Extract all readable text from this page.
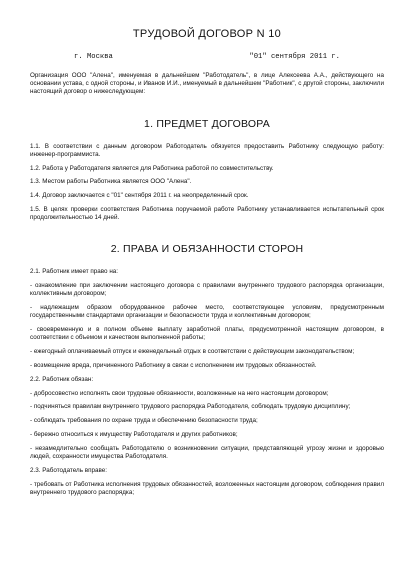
ТРУДОВОЙ ДОГОВОР N 10
г. Москва	"01" сентября 2011 г.

Организация ООО "Алена", именуемая в дальнейшем "Работодатель", в лице Алексеева А.А., действующего на основании устава, с одной стороны, и Иванов И.И., именуемый в дальнейшем "Работник", с другой стороны, заключили настоящий договор о нижеследующем:

1. ПРЕДМЕТ ДОГОВОРА

1.1. В соответствии с данным договором Работодатель обязуется предоставить Работнику следующую работу: инженер-программиста.

1.2. Работа у Работодателя является для Работника работой по совместительству.

1.3. Местом работы Работника является ООО "Алена".

1.4. Договор заключается с "01" сентября 2011 г. на неопределенный срок.

1.5. В целях проверки соответствия Работника поручаемой работе Работнику устанавливается испытательный срок продолжительностью 14 дней.

2. ПРАВА И ОБЯЗАННОСТИ СТОРОН

2.1. Работник имеет право на:

- ознакомление при заключении настоящего договора с правилами внутреннего трудового распорядка организации, коллективным договором;

- надлежащим образом оборудованное рабочее место, соответствующее условиям, предусмотренным государственными стандартами организации и безопасности труда и коллективным договором;

- своевременную и в полном объеме выплату заработной платы, предусмотренной настоящим договором, в соответствии с объемом и качеством выполненной работы;

- ежегодный оплачиваемый отпуск и еженедельный отдых в соответствии с действующим законодательством;

- возмещение вреда, причиненного Работнику в связи с исполнением им трудовых обязанностей.

2.2. Работник обязан:

- добросовестно исполнять свои трудовые обязанности, возложенные на него настоящим договором;

- подчиняться правилам внутреннего трудового распорядка Работодателя, соблюдать трудовую дисциплину;

- соблюдать требования по охране труда и обеспечению безопасности труда;

- бережно относиться к имуществу Работодателя и других работников;

- незамедлительно сообщать Работодателю о возникновении ситуации, представляющей угрозу жизни и здоровью людей, сохранности имущества Работодателя.

2.3. Работодатель вправе:

- требовать от Работника исполнения трудовых обязанностей, возложенных настоящим договором, соблюдения правил внутреннего трудового распорядка;
